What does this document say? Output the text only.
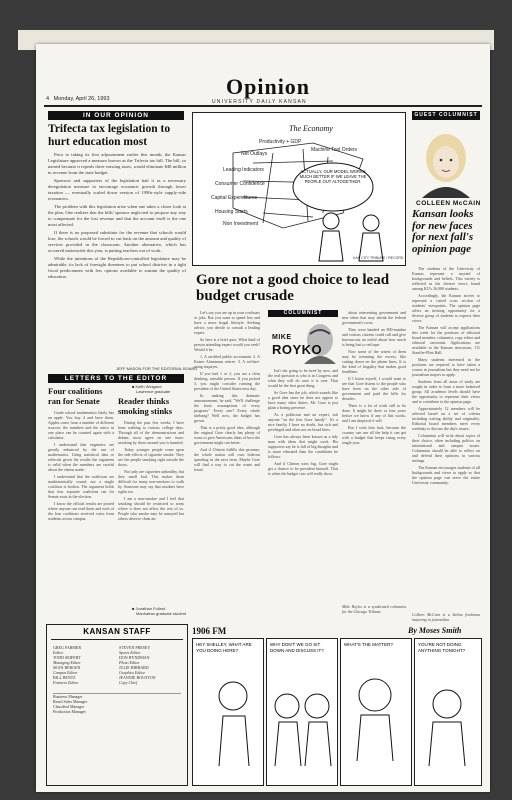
4 Monday, April 26, 1993	Opinion
UNIVERSITY DAILY KANSAN
IN OUR OPINION
Trifecta tax legislation to hurt education most

Prior to taking its first adjournment earlier this month, the Kansas Legislature approved a measure known as the Trifecta tax bill. The bill, so named because it repeals three existing taxes, would eliminate $48 million in revenue from the state budget.

Sponsors and supporters of the legislation hail it as a necessary deregulation measure to encourage economic growth through lower taxation — eventually scaled down version of 1990s-style supply-side economics.

The problem with this legislation arise when one takes a closer look at the plan. One realizes that the bills' sponsor neglected to propose any way to compensate for the lost revenue and that the account itself is the one most affected.

If there is no proposed substitute for the revenue that schools would lose, the schools would be forced to cut back on the amount and quality of services provided in the classroom. Another alternative, which has occurred nationwide this year, is putting teachers out of work.

While the intentions of the Republican-controlled legislature may be admirable, its lack of foresight threatens to put school districts in a tight fiscal predicament with few options available to sustain the quality of education.

JEFF MASON FOR THE EDITORIAL BOARD
LETTERS TO THE EDITOR
Four coalitions ran for Senate

Grade school mathematics likely has an apple. You buy 4 and have them. Apples come from a number of different sources; the numbers and the ratios in one place can be counted again with a calculator.

I understand that engineers are greatly enhanced by the use of mathematics. Using statistical data or referrals given the results the argument is valid when the members are careful about the claims made.

I understand that the coalitions are mathematically sound; not a single coalition is broken. The argument holds that four separate coalitions ran for Senate seats in the election.

I know the official results are posted where anyone can read them and each of the four coalitions received votes from students across campus.

Reader thinks smoking stinks
■ Keith Weigand
Lawrence graduate

During the past few weeks, I have been walking to various college days. Through all of the demonstrations and debate, most agree on one issue: smoking by those around you is harmful.

Today younger people come upon the side effects of cigarette smoke. They see the people smoking right outside the doors.

Not only are cigarettes unhealthy, but they smell bad. This makes them difficult for many non-smokers to walk by. Someone may say that smokers have rights too.

I am a non-smoker and I feel that smoking should be restricted to areas where it does not affect the rest of us. People who smoke may be annoyed but others deserve clean air.

■ Jonathan Follard
Manhattan graduate student
The Economy
Productivity + GDP
Net Outlays
Machine Tool Orders
Leading Indicators
Consumer Confidence
Capital Expenditures
Housing Starts
Non Investment
ACTUALLY, OUR MODEL WORKS MUCH BETTER IF WE LEAVE THE PEOPLE OUT ALTOGETHER.
KAN CITY TRIBUNE / RECORD
Gore not a good choice to lead budget crusade

Let's say you are up in your rowboats or jobs. But you want to spend less and have a more frugal lifestyle. Seeking advice, you decide to consult a leading expert.

So here is a brief quiz: What kind of person attending expert would you seek? Would it be:

1. A certified public accountant. 2. A Kaiser Aluminum retiree. 3. A welfare-using taxpayer.

If you had 1 or 2, you are a clear thinking, sensible person. If you picked 3, you might consider running the president of the United States next day.

In making this dramatic announcement, he said, "We'll challenge the basic assumptions of every program." Every one? Every whole shebang? Well now, the budget has grown.

That is a pretty good idea, although the original Gore clearly has plenty of room to give Americans ideas of how the government might run better.

And if Clinton fulfills this promise, the whole nation will own hideous spending in the next term. Maybe Gore will find a way to cut the waste and fraud.

COLUMNIST
MIKE
ROYKO

Isn't she going to be tired by now, and the real question is who is in Congress and what they will do once it is over. That would be the first great thing.

So Gore has the job, which sounds like a good idea since he does not appear to have many other duties. Mr. Gore is just plain a boring presence.

As a politician and an expert, ask anyone "on the first Gore family". It's a nice family, I have no doubt, but rich and privileged and often not on bread lines.

Gore has always been known as a tidy man with ideas that might work. His supporters say he is full of big thoughts and is more educated than the candidates he follows.

And if Clinton wins big, Gore might get a chance to be president himself. That is when the budget cuts will really show.

about reinventing government and new ideas that may shrink the federal government's costs.

They were handed an 800-number and various citizens could call and give bureaucrats an earful about how much is being lost to red tape.

Now some of the wisest of them may be trimming the excess, like cutting down on the phone lines. It is the kind of frugality that makes good headlines.

If I listen myself, I would want to see that Gore listens to the people who have been on the other side of government and paid the bills for decades.

There is a lot of work still to be done. It might be three or four years before we know if any of this works, and I am skeptical it will.

But I wish him luck, because the country can use all the help it can get with a budget that keeps rising every single year.

Mike Royko is a syndicated columnist for the Chicago Tribune.
GUEST COLUMNIST
COLLEEN McCAIN
Kansan looks for new faces for next fall's opinion page

The students of the University of Kansas represent a myriad of backgrounds and beliefs. This variety is reflected in the diverse views found among KU's 26,000 students.

Accordingly, the Kansan strives to represent a varied cross section of students' viewpoints. The opinion page offers an inviting opportunity for a diverse group of students to express their views.

The Kansan will accept applications this week for the positions of editorial board member, columnist, copy editor and editorial cartoonist. Applications are available in the Kansan newsroom, 111 Stauffer-Flint Hall.

Many students interested in the positions are required to have taken a course in journalism but they need not be journalism majors to apply.

Students from all areas of study are sought in order to form a more balanced group. All academic levels should have the opportunity to represent their views and to contribute to the opinion page.

Approximately 12 members will be selected based on a set of criteria including writing ability and originality. Editorial board members meet every weekday to discuss the day's issues.

Columnists will write about topics of their choice, often including politics on international and campus issues. Columnists should be able to reflect on and defend their opinions in various settings.

The Kansan encourages students of all backgrounds and views to apply so that the opinion page can serve the entire University community.

Colleen McCain is a Salina freshman majoring in journalism.
KANSAN STAFF
GREG FARMER
Editor
TODD SEIFERT
Managing Editor
SEAN BERGEN
Campus Editor
BILL BENTZ
Features Editor
STEVEN PRESEY
Sports Editor
DON HYNDMAN
Photo Editor
JULIE HIBBARD
Graphics Editor
JEANNIE HOUSTON
Copy Chief
Business Manager
Retail Sales Manager
Classified Manager
Production Manager
1906 FM	By Moses Smith
HEY SHELLEY, WHAT ARE YOU DOING HERE?
WHY DON'T WE GO SIT DOWN AND DISCUSS IT?
WHAT'S THE MATTER?	YOU'RE NOT DOING ANYTHING TONIGHT?
